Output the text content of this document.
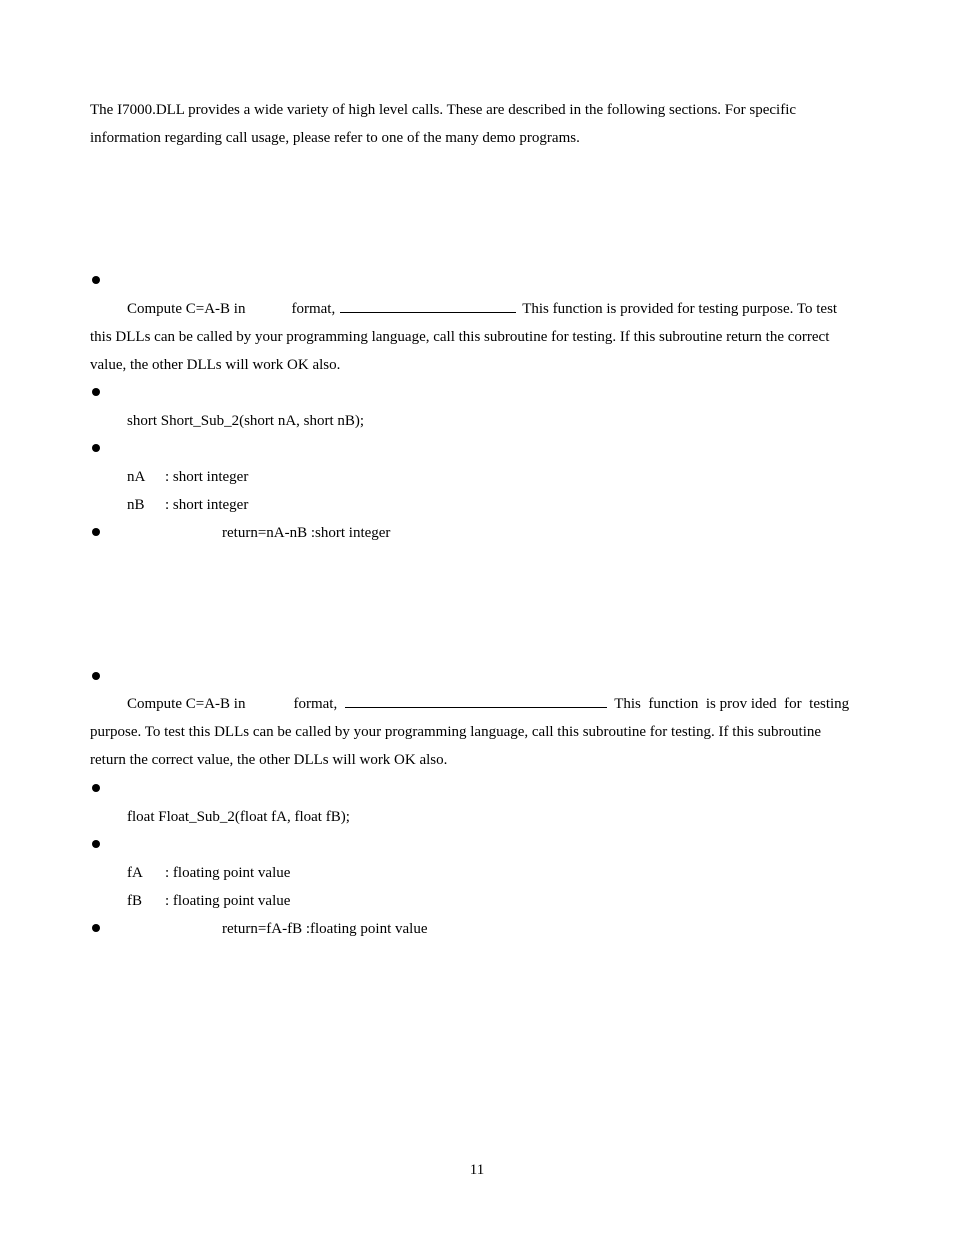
The I7000.DLL provides a wide variety of high level calls. These are described in the following sections. For specific
information regarding call usage, please refer to one of the many demo programs.
Compute C=A-B in	format,	This function is provided for testing purpose. To test
this DLLs can be called by your programming language, call this subroutine for testing. If this subroutine return the correct
value, the other DLLs will work OK also.
short Short_Sub_2(short nA, short nB);
nA : short integer
nB : short integer
return=nA-nB :short integer
Compute C=A-B in	format,	This  function  is prov ided  for  testing
purpose. To test this DLLs can be called by your programming language, call this subroutine for testing. If this subroutine
return the correct value, the other DLLs will work OK also.
float Float_Sub_2(float fA, float fB);
fA : floating point value
fB : floating point value
return=fA-fB :floating point value
11
